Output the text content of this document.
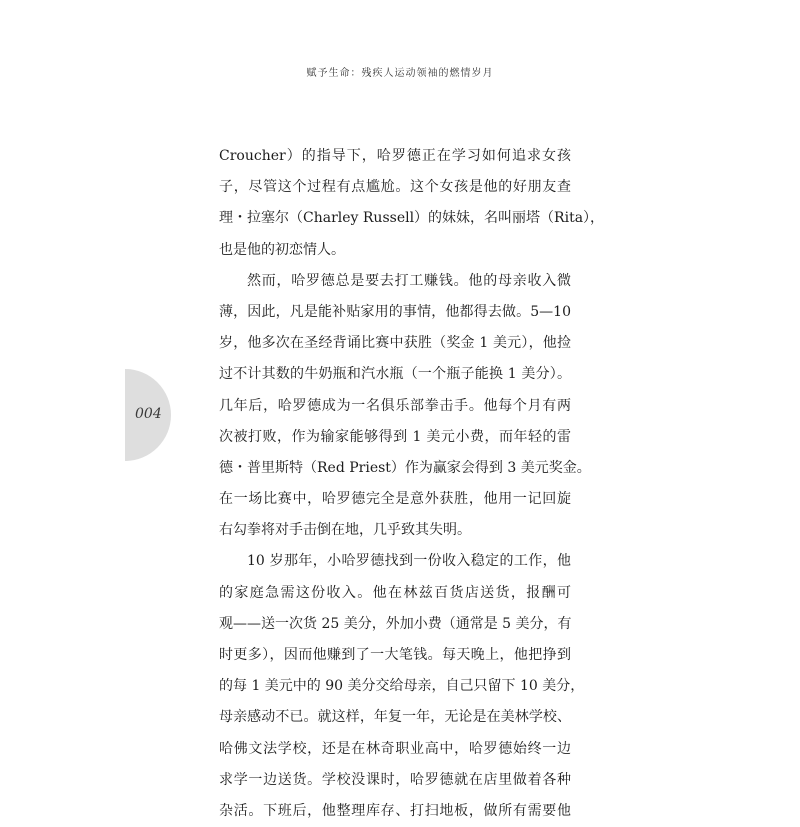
赋予生命：残疾人运动领袖的燃情岁月
004
Croucher）的指导下，哈罗德正在学习如何追求女孩
子，尽管这个过程有点尴尬。这个女孩是他的好朋友查
理・拉塞尔（Charley Russell）的妹妹，名叫丽塔（Rita），
也是他的初恋情人。
然而，哈罗德总是要去打工赚钱。他的母亲收入微
薄，因此，凡是能补贴家用的事情，他都得去做。5—10
岁，他多次在圣经背诵比赛中获胜（奖金 1 美元），他捡
过不计其数的牛奶瓶和汽水瓶（一个瓶子能换 1 美分）。
几年后，哈罗德成为一名俱乐部拳击手。他每个月有两
次被打败，作为输家能够得到 1 美元小费，而年轻的雷
德・普里斯特（Red Priest）作为赢家会得到 3 美元奖金。
在一场比赛中，哈罗德完全是意外获胜，他用一记回旋
右勾拳将对手击倒在地，几乎致其失明。
10 岁那年，小哈罗德找到一份收入稳定的工作，他
的家庭急需这份收入。他在林兹百货店送货，报酬可
观——送一次货 25 美分，外加小费（通常是 5 美分，有
时更多），因而他赚到了一大笔钱。每天晚上，他把挣到
的每 1 美元中的 90 美分交给母亲，自己只留下 10 美分，
母亲感动不已。就这样，年复一年，无论是在美林学校、
哈佛文法学校，还是在林奇职业高中，哈罗德始终一边
求学一边送货。学校没课时，哈罗德就在店里做着各种
杂活。下班后，他整理库存、打扫地板，做所有需要他
